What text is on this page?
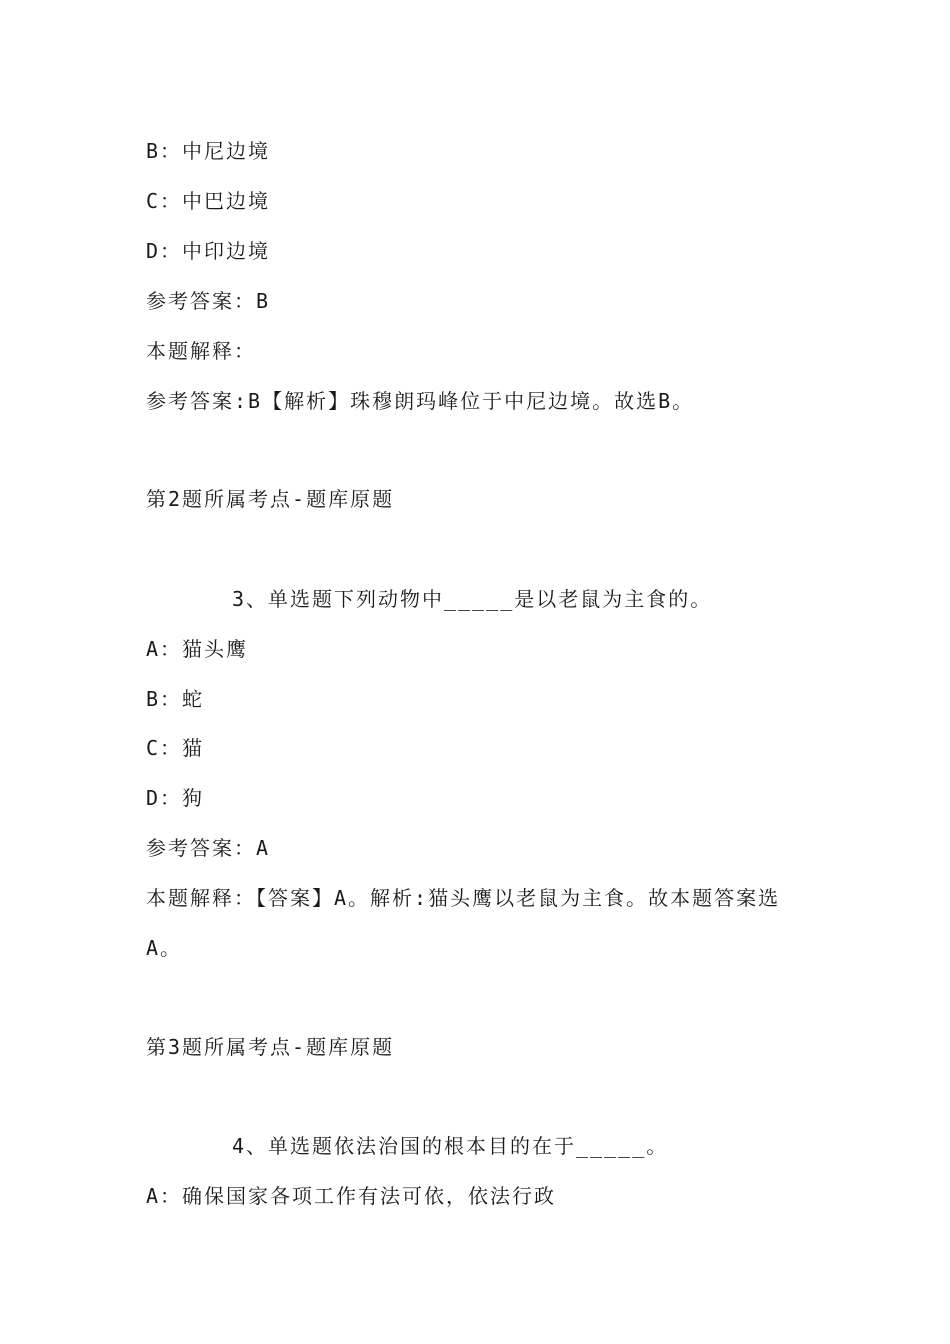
B：中尼边境
C：中巴边境
D：中印边境
参考答案：B
本题解释：
参考答案:B【解析】珠穆朗玛峰位于中尼边境。故选B。
第2题所属考点-题库原题
3、单选题下列动物中_____是以老鼠为主食的。
A：猫头鹰
B：蛇
C：猫
D：狗
参考答案：A
本题解释：【答案】A。解析:猫头鹰以老鼠为主食。故本题答案选
A。
第3题所属考点-题库原题
4、单选题依法治国的根本目的在于_____。
A：确保国家各项工作有法可依，依法行政
